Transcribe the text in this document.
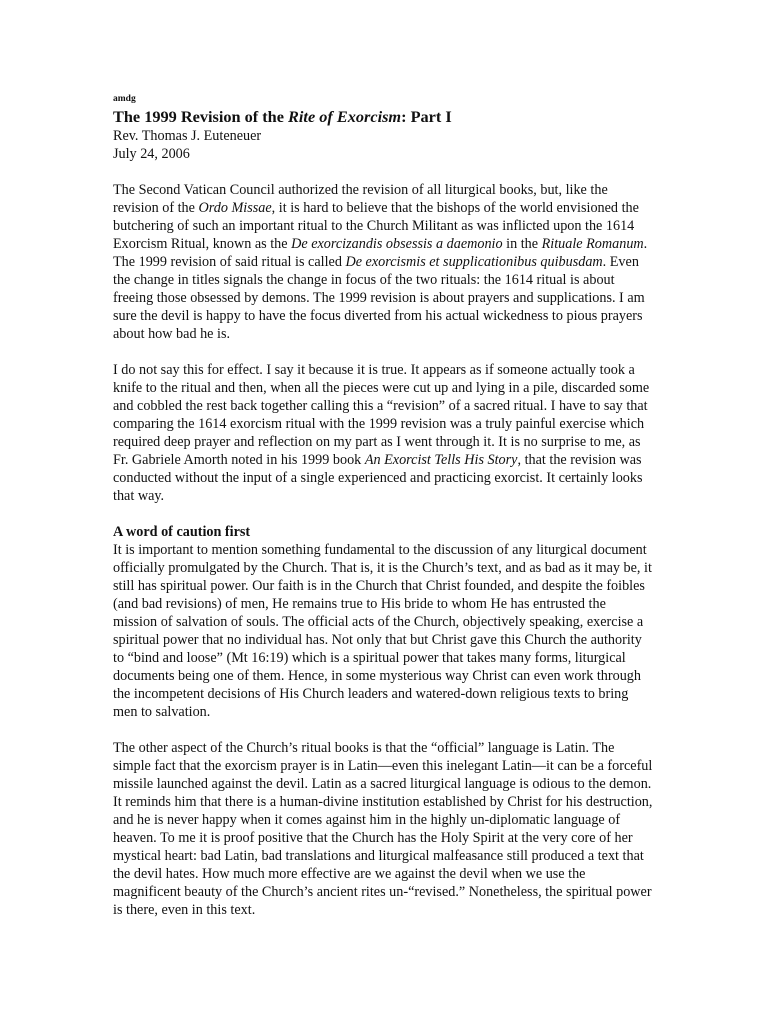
amdg
The 1999 Revision of the Rite of Exorcism: Part I
Rev. Thomas J. Euteneuer
July 24, 2006

The Second Vatican Council authorized the revision of all liturgical books, but, like the revision of the Ordo Missae, it is hard to believe that the bishops of the world envisioned the butchering of such an important ritual to the Church Militant as was inflicted upon the 1614 Exorcism Ritual, known as the De exorcizandis obsessis a daemonio in the Rituale Romanum. The 1999 revision of said ritual is called De exorcismis et supplicationibus quibusdam. Even the change in titles signals the change in focus of the two rituals: the 1614 ritual is about freeing those obsessed by demons. The 1999 revision is about prayers and supplications. I am sure the devil is happy to have the focus diverted from his actual wickedness to pious prayers about how bad he is.

I do not say this for effect. I say it because it is true. It appears as if someone actually took a knife to the ritual and then, when all the pieces were cut up and lying in a pile, discarded some and cobbled the rest back together calling this a “revision” of a sacred ritual. I have to say that comparing the 1614 exorcism ritual with the 1999 revision was a truly painful exercise which required deep prayer and reflection on my part as I went through it. It is no surprise to me, as Fr. Gabriele Amorth noted in his 1999 book An Exorcist Tells His Story, that the revision was conducted without the input of a single experienced and practicing exorcist. It certainly looks that way.

A word of caution first

It is important to mention something fundamental to the discussion of any liturgical document officially promulgated by the Church. That is, it is the Church’s text, and as bad as it may be, it still has spiritual power. Our faith is in the Church that Christ founded, and despite the foibles (and bad revisions) of men, He remains true to His bride to whom He has entrusted the mission of salvation of souls. The official acts of the Church, objectively speaking, exercise a spiritual power that no individual has. Not only that but Christ gave this Church the authority to “bind and loose” (Mt 16:19) which is a spiritual power that takes many forms, liturgical documents being one of them. Hence, in some mysterious way Christ can even work through the incompetent decisions of His Church leaders and watered-down religious texts to bring men to salvation.

The other aspect of the Church’s ritual books is that the “official” language is Latin. The simple fact that the exorcism prayer is in Latin—even this inelegant Latin—it can be a forceful missile launched against the devil. Latin as a sacred liturgical language is odious to the demon. It reminds him that there is a human-divine institution established by Christ for his destruction, and he is never happy when it comes against him in the highly un-diplomatic language of heaven. To me it is proof positive that the Church has the Holy Spirit at the very core of her mystical heart: bad Latin, bad translations and liturgical malfeasance still produced a text that the devil hates. How much more effective are we against the devil when we use the magnificent beauty of the Church’s ancient rites un-“revised.” Nonetheless, the spiritual power is there, even in this text.
